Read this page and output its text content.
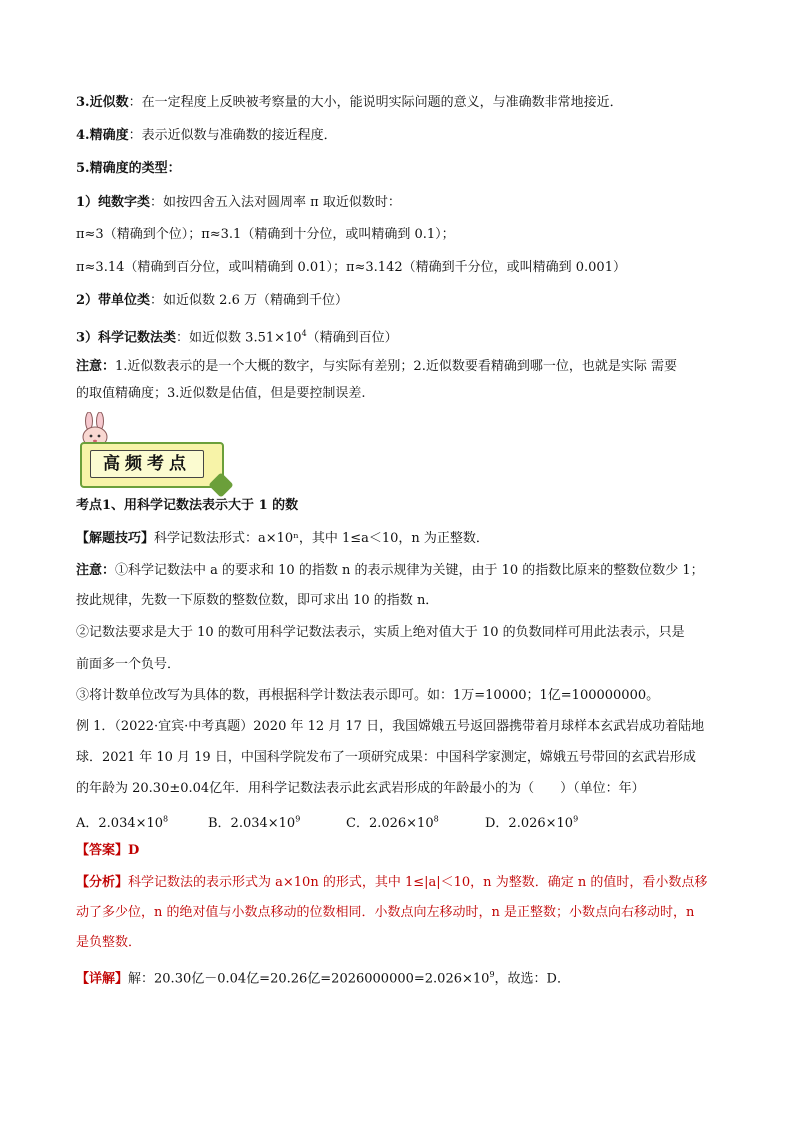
3.近似数：在一定程度上反映被考察量的大小，能说明实际问题的意义，与准确数非常地接近．
4.精确度：表示近似数与准确数的接近程度．
5.精确度的类型：
1）纯数字类：如按四舍五入法对圆周率 π 取近似数时：
π≈3（精确到个位）；π≈3.1（精确到十分位，或叫精确到 0.1）；
π≈3.14（精确到百分位，或叫精确到 0.01）；π≈3.142（精确到千分位，或叫精确到 0.001）
2）带单位类：如近似数 2.6 万（精确到千位）
3）科学记数法类：如近似数 $3.51\times 10^4$（精确到百位）
注意：1.近似数表示的是一个大概的数字，与实际有差别；2.近似数要看精确到哪一位，也就是实际 需要
的取值精确度；3.近似数是估值，但是要控制误差.
高频考点
考点1、用科学记数法表示大于 1 的数
【解题技巧】科学记数法形式：a×10ⁿ，其中 1≤a＜10，n 为正整数．
注意：①科学记数法中 a 的要求和 10 的指数 n 的表示规律为关键，由于 10 的指数比原来的整数位数少 1；
按此规律，先数一下原数的整数位数，即可求出 10 的指数 n．
②记数法要求是大于 10 的数可用科学记数法表示，实质上绝对值大于 10 的负数同样可用此法表示，只是
前面多一个负号．
③将计数单位改写为具体的数，再根据科学计数法表示即可。如：1万=10000；1亿=100000000。
例 1．（2022·宜宾·中考真题）2020 年 12 月 17 日，我国嫦娥五号返回器携带着月球样本玄武岩成功着陆地
球．2021 年 10 月 19 日，中国科学院发布了一项研究成果：中国科学家测定，嫦娥五号带回的玄武岩形成
的年龄为 20.30±0.04亿年．用科学记数法表示此玄武岩形成的年龄最小的为（　　）（单位：年）
A．$2.034\times 10^8$	B．$2.034\times 10^9$	C．$2.026\times 10^8$	D．$2.026\times 10^9$
【答案】D
【分析】科学记数法的表示形式为 a×10n 的形式，其中 1≤|a|＜10，n 为整数．确定 n 的值时，看小数点移
动了多少位，n 的绝对值与小数点移动的位数相同．小数点向左移动时，n 是正整数；小数点向右移动时，n
是负整数．
【详解】解：20.30亿－0.04亿=20.26亿$=2026000000=2.026\times 10^9$，故选：D．
